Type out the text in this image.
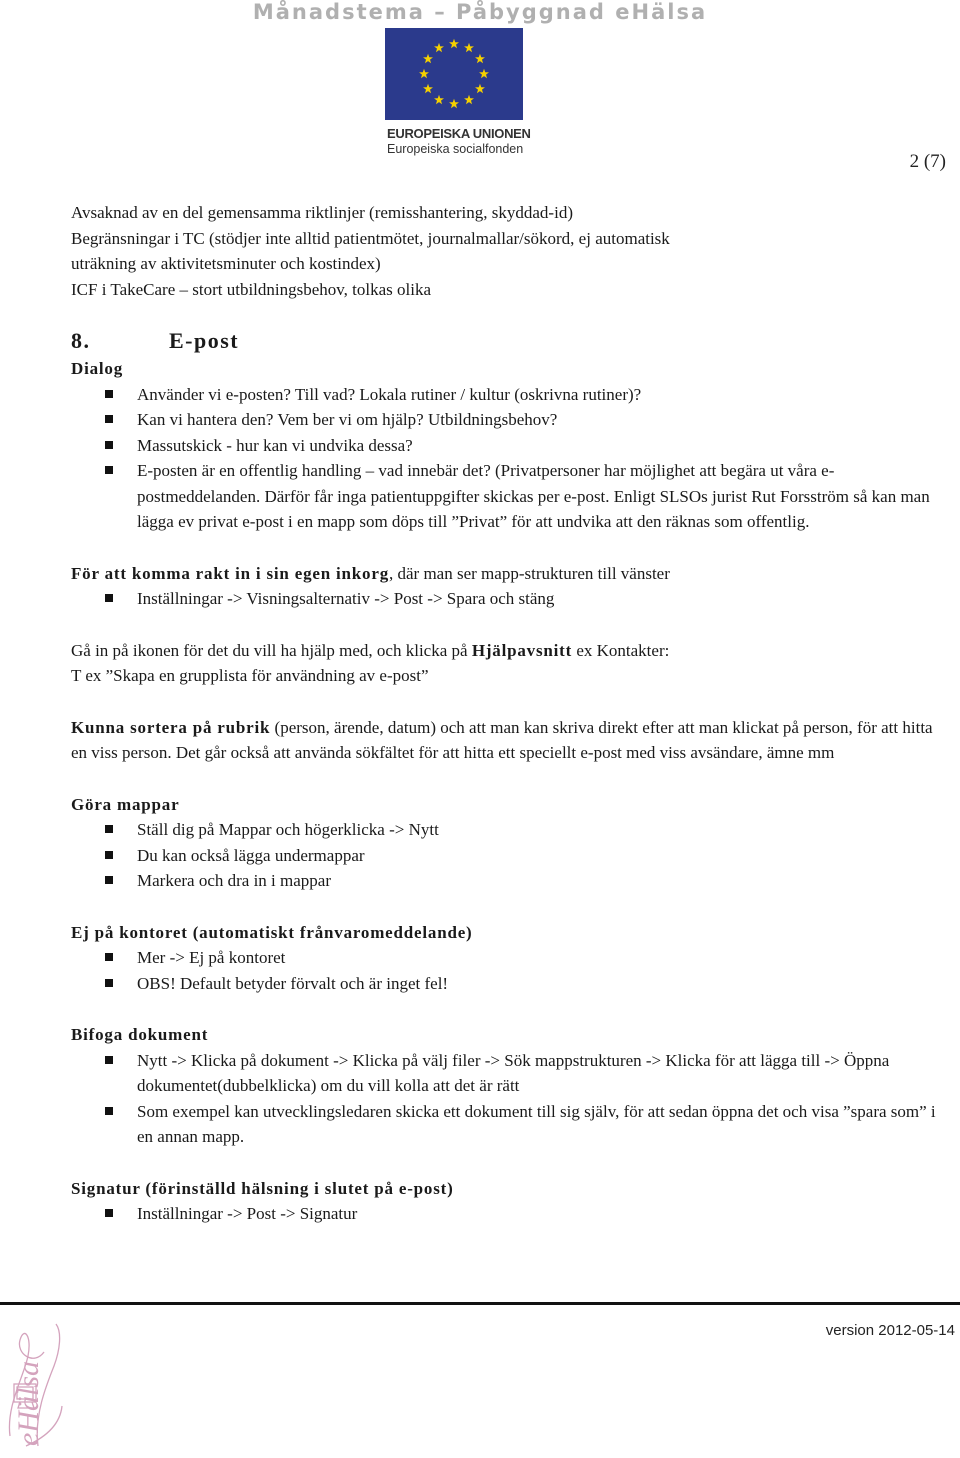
Månadstema – Påbyggnad eHälsa
EUROPEISKA UNIONEN
Europeiska socialfonden
2 (7)

Avsaknad av en del gemensamma riktlinjer (remisshantering, skyddad-id)

Begränsningar i TC (stödjer inte alltid patientmötet, journalmallar/sökord, ej automatisk

uträkning av aktivitetsminuter och kostindex)

ICF i TakeCare – stort utbildningsbehov, tolkas olika

8.	E-post

Dialog

Använder vi e-posten? Till vad? Lokala rutiner / kultur (oskrivna rutiner)?
Kan vi hantera den? Vem ber vi om hjälp? Utbildningsbehov?
Massutskick - hur kan vi undvika dessa?
E-posten är en offentlig handling – vad innebär det? (Privatpersoner har möjlighet att begära ut våra e-postmeddelanden. Därför får inga patientuppgifter skickas per e-post. Enligt SLSOs jurist Rut Forsström så kan man lägga ev privat e-post i en mapp som döps till ”Privat” för att undvika att den räknas som offentlig.

För att komma rakt in i sin egen inkorg, där man ser mapp-strukturen till vänster

Inställningar -> Visningsalternativ -> Post -> Spara och stäng

Gå in på ikonen för det du vill ha hjälp med, och klicka på Hjälpavsnitt ex Kontakter:

T ex ”Skapa en grupplista för användning av e-post”

Kunna sortera på rubrik (person, ärende, datum) och att man kan skriva direkt efter att man klickat på person, för att hitta en viss person. Det går också att använda sökfältet för att hitta ett speciellt e-post med viss avsändare, ämne mm

Göra mappar

Ställ dig på Mappar och högerklicka -> Nytt
Du kan också lägga undermappar
Markera och dra in i mappar

Ej på kontoret (automatiskt frånvaromeddelande)

Mer -> Ej på kontoret
OBS! Default betyder förvalt och är inget fel!

Bifoga dokument

Nytt -> Klicka på dokument -> Klicka på välj filer -> Sök mappstrukturen -> Klicka för att lägga till -> Öppna dokumentet(dubbelklicka) om du vill kolla att det är rätt
Som exempel kan utvecklingsledaren skicka ett dokument till sig själv, för att sedan öppna det och visa ”spara som” i en annan mapp.

Signatur (förinställd hälsning i slutet på e-post)

Inställningar -> Post -> Signatur
eHälsa
version 2012-05-14
